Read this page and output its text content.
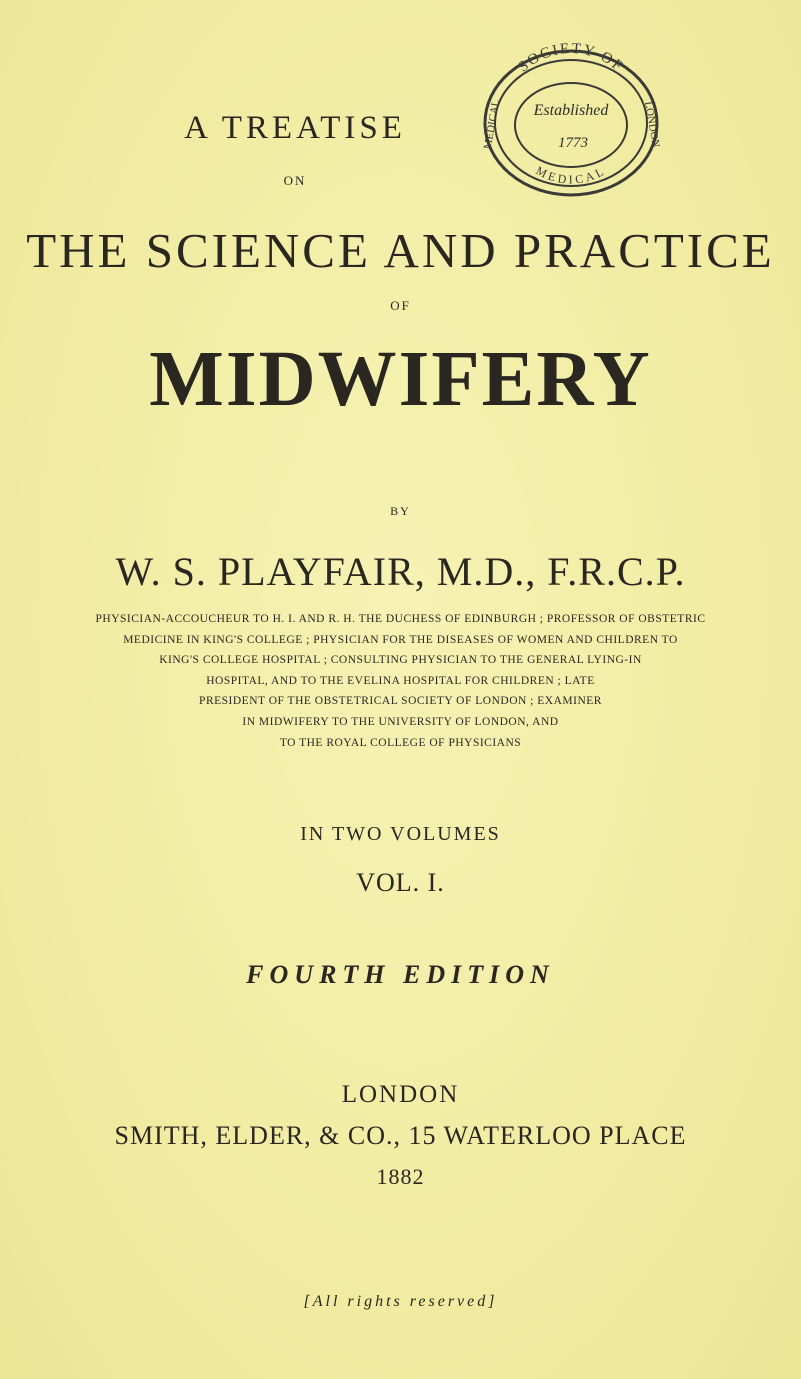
A TREATISE
ON
SOCIETY OF
MEDICAL
MEDICAL	LONDON
Established
1773
THE SCIENCE AND PRACTICE
OF
MIDWIFERY
BY
W. S. PLAYFAIR, M.D., F.R.C.P.
PHYSICIAN-ACCOUCHEUR TO H. I. AND R. H. THE DUCHESS OF EDINBURGH ; PROFESSOR OF OBSTETRIC
MEDICINE IN KING'S COLLEGE ; PHYSICIAN FOR THE DISEASES OF WOMEN AND CHILDREN TO
KING'S COLLEGE HOSPITAL ; CONSULTING PHYSICIAN TO THE GENERAL LYING-IN
HOSPITAL, AND TO THE EVELINA HOSPITAL FOR CHILDREN ; LATE
PRESIDENT OF THE OBSTETRICAL SOCIETY OF LONDON ; EXAMINER
IN MIDWIFERY TO THE UNIVERSITY OF LONDON, AND
TO THE ROYAL COLLEGE OF PHYSICIANS
IN TWO VOLUMES
VOL. I.
FOURTH EDITION
LONDON
SMITH, ELDER, & CO., 15 WATERLOO PLACE
1882
[All rights reserved]
